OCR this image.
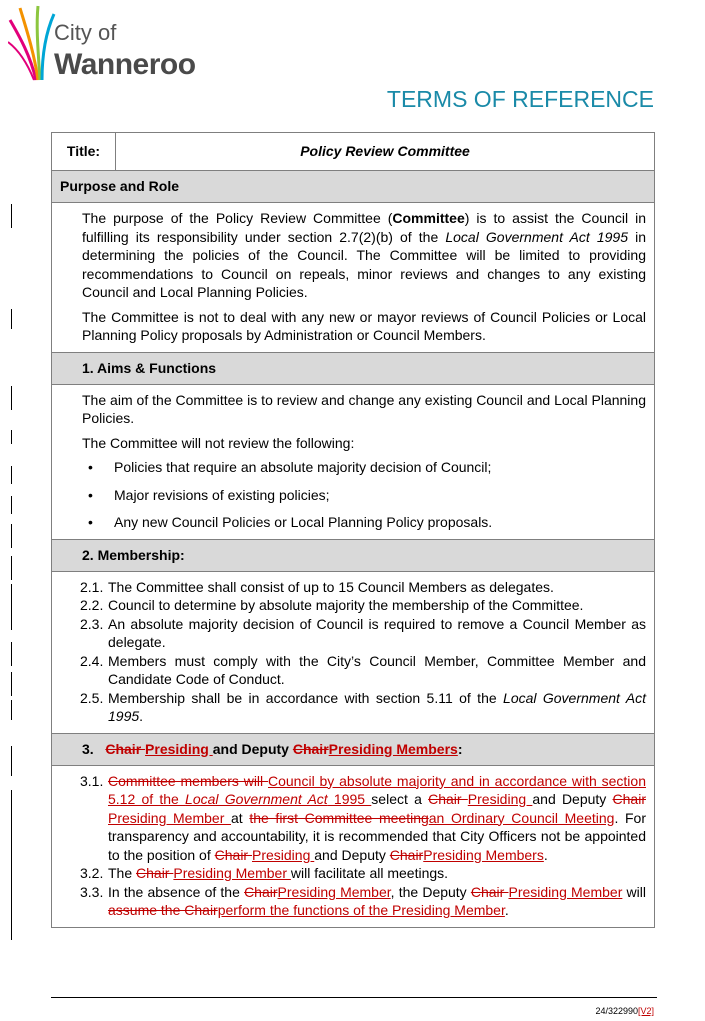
City of
Wanneroo
TERMS OF REFERENCE
Title:	Policy Review Committee
Purpose and Role

The purpose of the Policy Review Committee (Committee) is to assist the Council in fulfilling its responsibility under section 2.7(2)(b) of the Local Government Act 1995 in determining the policies of the Council. The Committee will be limited to providing recommendations to Council on repeals, minor reviews and changes to any existing Council and Local Planning Policies.

The Committee is not to deal with any new or mayor reviews of Council Policies or Local Planning Policy proposals by Administration or Council Members.

1. Aims & Functions

The aim of the Committee is to review and change any existing Council and Local Planning Policies.

The Committee will not review the following:

• Policies that require an absolute majority decision of Council;
• Major revisions of existing policies;
• Any new Council Policies or Local Planning Policy proposals.

2. Membership:

2.1. The Committee shall consist of up to 15 Council Members as delegates.
2.2. Council to determine by absolute majority the membership of the Committee.
2.3. An absolute majority decision of Council is required to remove a Council Member as delegate.
2.4. Members must comply with the City’s Council Member, Committee Member and Candidate Code of Conduct.
2.5. Membership shall be in accordance with section 5.11 of the Local Government Act 1995.

3. Chair Presiding and Deputy ChairPresiding Members:

3.1. Committee members will Council by absolute majority and in accordance with section 5.12 of the Local Government Act 1995 select a Chair Presiding and Deputy Chair Presiding Member at the first Committee meetingan Ordinary Council Meeting. For transparency and accountability, it is recommended that City Officers not be appointed to the position of Chair Presiding and Deputy ChairPresiding Members.
3.2. The Chair Presiding Member will facilitate all meetings.
3.3. In the absence of the ChairPresiding Member, the Deputy Chair Presiding Member will assume the Chairperform the functions of the Presiding Member.
24/322990[V2]
